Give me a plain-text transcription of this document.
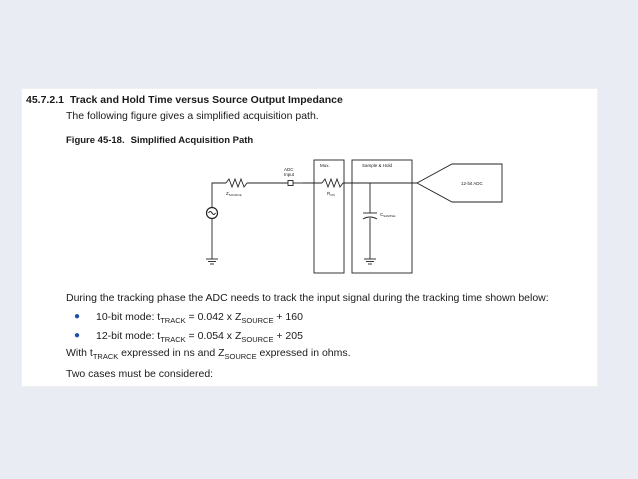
45.7.2.1 Track and Hold Time versus Source Output Impedance

The following figure gives a simplified acquisition path.

Figure 45-18. Simplified Acquisition Path

ADC
Input
Mux.	Sample & Hold
12-bit ADC
$Z_{SOURCE}$	$R_{ON}$
$C_{SAMPLE}$

During the tracking phase the ADC needs to track the input signal during the tracking time shown below:

● 10-bit mode: $t_{TRACK} = 0.042$ x $Z_{SOURCE} + 160$
● 12-bit mode: $t_{TRACK} = 0.054$ x $Z_{SOURCE} + 205$

With $t_{TRACK}$ expressed in ns and $Z_{SOURCE}$ expressed in ohms.

Two cases must be considered:
